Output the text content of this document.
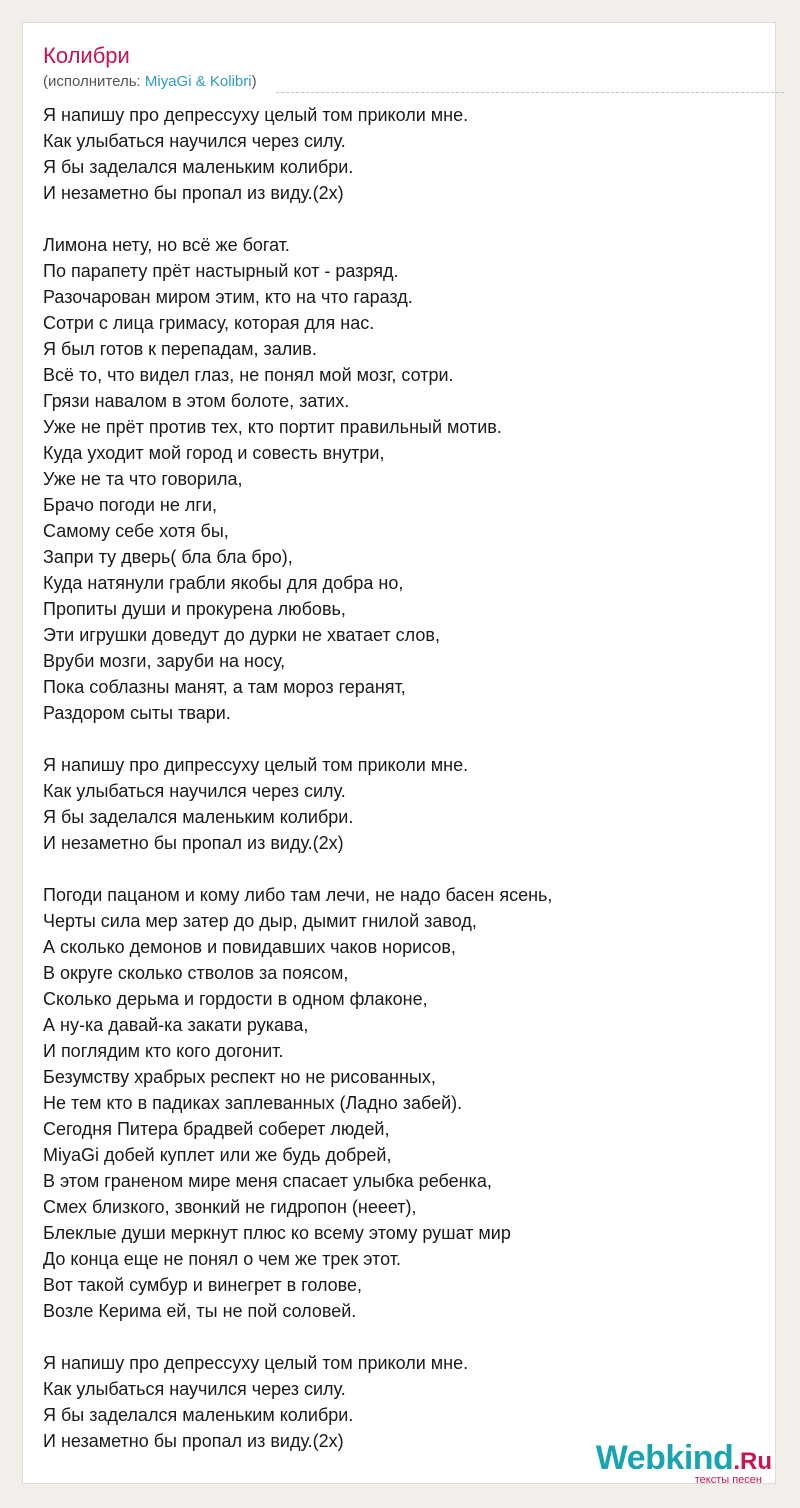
Колибри
(исполнитель: MiyaGi & Kolibri)
Я напишу про депрессуху целый том приколи мне.
Как улыбаться научился через силу.
Я бы заделался маленьким колибри.
И незаметно бы пропал из виду.(2х)
Лимона нету, но всё же богат.
По парапету прёт настырный кот - разряд.
Разочарован миром этим, кто на что гаразд.
Сотри с лица гримасу, которая для нас.
Я был готов к перепадам, залив.
Всё то, что видел глаз, не понял мой мозг, сотри.
Грязи навалом в этом болоте, затих.
Уже не прёт против тех, кто портит правильный мотив.
Куда уходит мой город и совесть внутри,
Уже не та что говорила,
Брачо погоди не лги,
Самому себе хотя бы,
Запри ту дверь( бла бла бро),
Куда натянули грабли якобы для добра но,
Пропиты души и прокурена любовь,
Эти игрушки доведут до дурки не хватает слов,
Вруби мозги, заруби на носу,
Пока соблазны манят, а там мороз геранят,
Раздором сыты твари.
Я напишу про дипрессуху целый том приколи мне.
Как улыбаться научился через силу.
Я бы заделался маленьким колибри.
И незаметно бы пропал из виду.(2х)
Погоди пацаном и кому либо там лечи, не надо басен ясень,
Черты сила мер затер до дыр, дымит гнилой завод,
А сколько демонов и повидавших чаков норисов,
В округе сколько стволов за поясом,
Сколько дерьма и гордости в одном флаконе,
А ну-ка давай-ка закати рукава,
И поглядим кто кого догонит.
Безумству храбрых респект но не рисованных,
Не тем кто в падиках заплеванных (Ладно забей).
Сегодня Питера брадвей соберет людей,
MiyaGi добей куплет или же будь добрей,
В этом граненом мире меня спасает улыбка ребенка,
Смех близкого, звонкий не гидропон (нееет),
Блеклые души меркнут плюс ко всему этому рушат мир
До конца еще не понял о чем же трек этот.
Вот такой сумбур и винегрет в голове,
Возле Керима ей, ты не пой соловей.
Я напишу про депрессуху целый том приколи мне.
Как улыбаться научился через силу.
Я бы заделался маленьким колибри.
И незаметно бы пропал из виду.(2х)	Webkind.Ru
тексты песен
